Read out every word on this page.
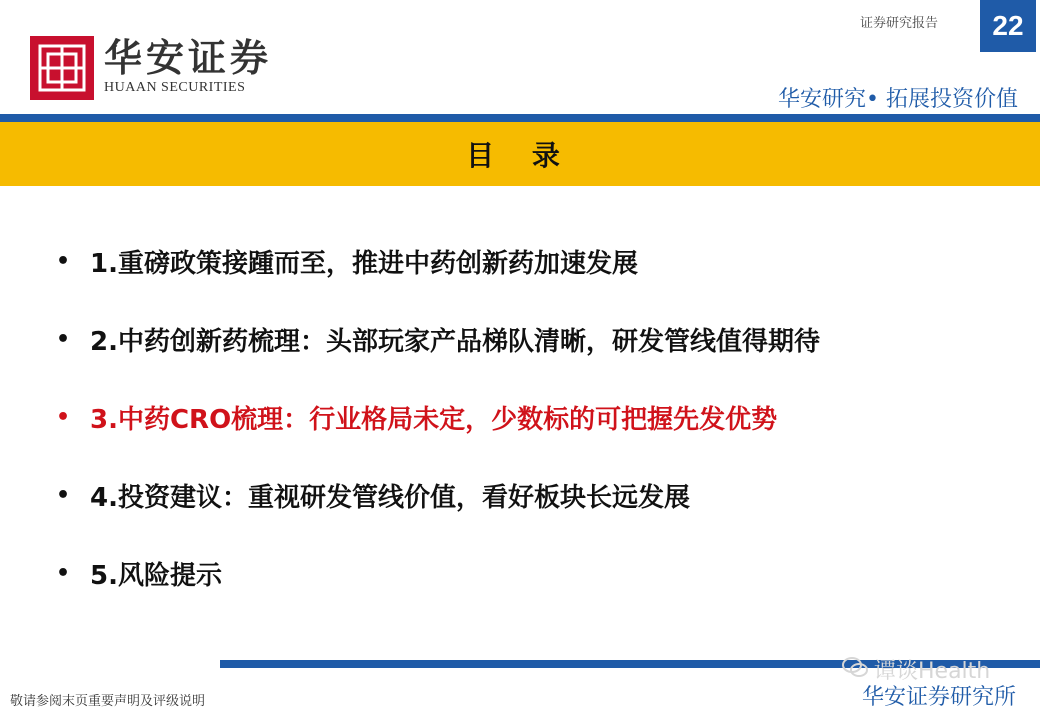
华安证券
HUAAN SECURITIES
证券研究报告	22
华安研究• 拓展投资价值
目 录
• 1.重磅政策接踵而至，推进中药创新药加速发展
• 2.中药创新药梳理：头部玩家产品梯队清晰，研发管线值得期待
• 3.中药CRO梳理：行业格局未定，少数标的可把握先发优势
• 4.投资建议：重视研发管线价值，看好板块长远发展
• 5.风险提示
敬请参阅末页重要声明及评级说明
谭谈Health
华安证券研究所
